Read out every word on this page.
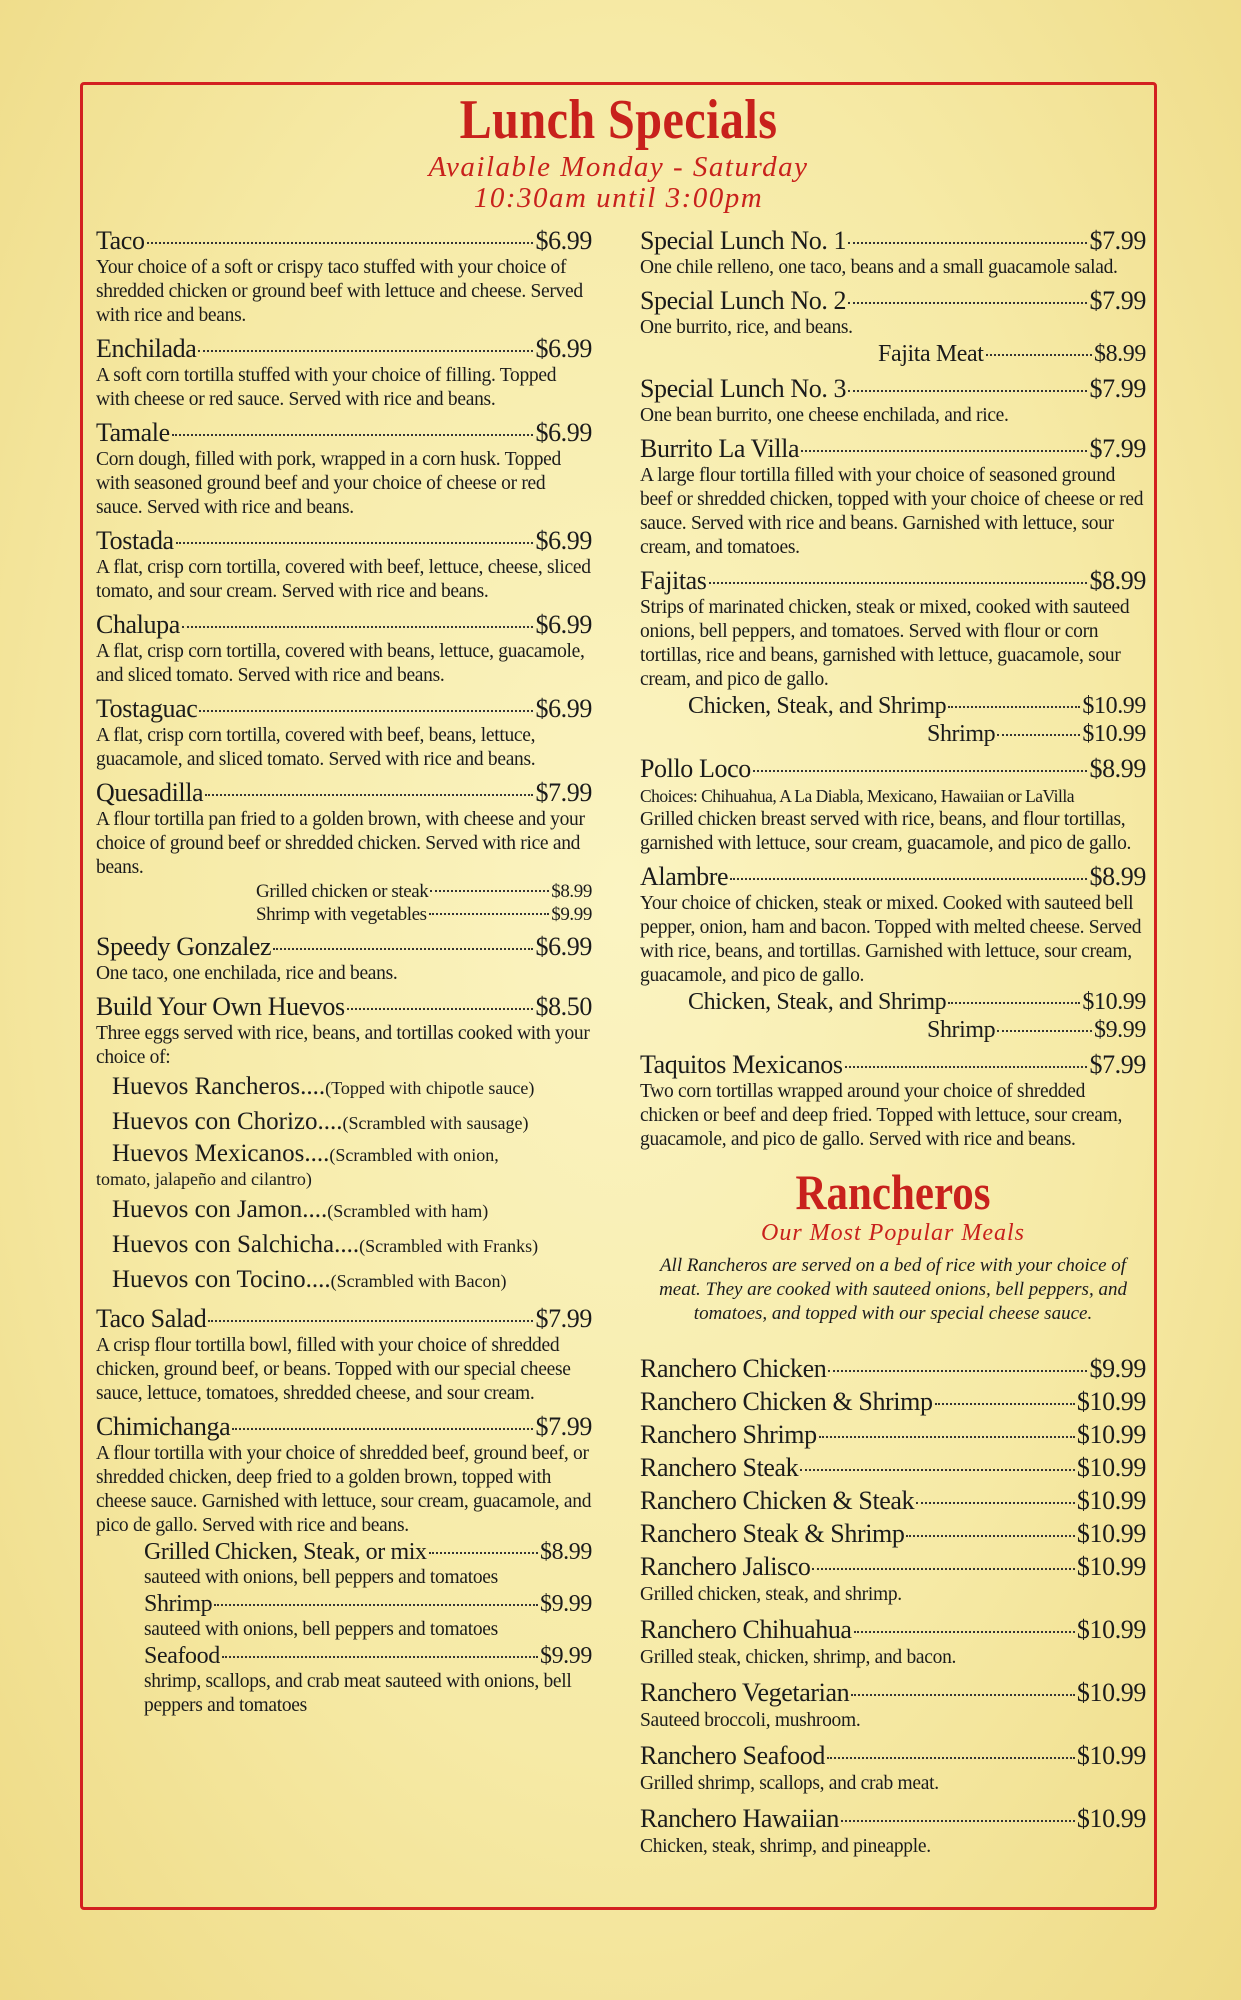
Lunch Specials
Available Monday - Saturday
10:30am until 3:00pm
Taco	$6.99
Your choice of a soft or crispy taco stuffed with your choice of shredded chicken or ground beef with lettuce and cheese. Served with rice and beans.
Enchilada	$6.99
A soft corn tortilla stuffed with your choice of filling. Topped with cheese or red sauce. Served with rice and beans.
Tamale	$6.99
Corn dough, filled with pork, wrapped in a corn husk. Topped with seasoned ground beef and your choice of cheese or red sauce. Served with rice and beans.
Tostada	$6.99
A flat, crisp corn tortilla, covered with beef, lettuce, cheese, sliced tomato, and sour cream. Served with rice and beans.
Chalupa	$6.99
A flat, crisp corn tortilla, covered with beans, lettuce, guacamole, and sliced tomato. Served with rice and beans.
Tostaguac	$6.99
A flat, crisp corn tortilla, covered with beef, beans, lettuce, guacamole, and sliced tomato. Served with rice and beans.
Quesadilla	$7.99
A flour tortilla pan fried to a golden brown, with cheese and your choice of ground beef or shredded chicken. Served with rice and beans.
Grilled chicken or steak	$8.99
Shrimp with vegetables	$9.99
Speedy Gonzalez	$6.99
One taco, one enchilada, rice and beans.
Build Your Own Huevos	$8.50
Three eggs served with rice, beans, and tortillas cooked with your choice of:
Huevos Rancheros....(Topped with chipotle sauce)
Huevos con Chorizo....(Scrambled with sausage)
Huevos Mexicanos....(Scrambled with onion,
tomato, jalapeño and cilantro)
Huevos con Jamon....(Scrambled with ham)
Huevos con Salchicha....(Scrambled with Franks)
Huevos con Tocino....(Scrambled with Bacon)
Taco Salad	$7.99
A crisp flour tortilla bowl, filled with your choice of shredded chicken, ground beef, or beans. Topped with our special cheese sauce, lettuce, tomatoes, shredded cheese, and sour cream.
Chimichanga	$7.99
A flour tortilla with your choice of shredded beef, ground beef, or shredded chicken, deep fried to a golden brown, topped with cheese sauce. Garnished with lettuce, sour cream, guacamole, and pico de gallo. Served with rice and beans.
Grilled Chicken, Steak, or mix	$8.99
sauteed with onions, bell peppers and tomatoes
Shrimp	$9.99
sauteed with onions, bell peppers and tomatoes
Seafood	$9.99
shrimp, scallops, and crab meat sauteed with onions, bell peppers and tomatoes
Special Lunch No. 1	$7.99
One chile relleno, one taco, beans and a small guacamole salad.
Special Lunch No. 2	$7.99
One burrito, rice, and beans.
Fajita Meat	$8.99
Special Lunch No. 3	$7.99
One bean burrito, one cheese enchilada, and rice.
Burrito La Villa	$7.99
A large flour tortilla filled with your choice of seasoned ground beef or shredded chicken, topped with your choice of cheese or red sauce. Served with rice and beans. Garnished with lettuce, sour cream, and tomatoes.
Fajitas	$8.99
Strips of marinated chicken, steak or mixed, cooked with sauteed onions, bell peppers, and tomatoes. Served with flour or corn tortillas, rice and beans, garnished with lettuce, guacamole, sour cream, and pico de gallo.
Chicken, Steak, and Shrimp	$10.99
Shrimp	$10.99
Pollo Loco	$8.99
Choices: Chihuahua, A La Diabla, Mexicano, Hawaiian or LaVilla
Grilled chicken breast served with rice, beans, and flour tortillas, garnished with lettuce, sour cream, guacamole, and pico de gallo.
Alambre	$8.99
Your choice of chicken, steak or mixed. Cooked with sauteed bell pepper, onion, ham and bacon. Topped with melted cheese. Served with rice, beans, and tortillas. Garnished with lettuce, sour cream, guacamole, and pico de gallo.
Chicken, Steak, and Shrimp	$10.99
Shrimp	$9.99
Taquitos Mexicanos	$7.99
Two corn tortillas wrapped around your choice of shredded chicken or beef and deep fried. Topped with lettuce, sour cream, guacamole, and pico de gallo. Served with rice and beans.
Rancheros
Our Most Popular Meals
All Rancheros are served on a bed of rice with your choice of meat. They are cooked with sauteed onions, bell peppers, and tomatoes, and topped with our special cheese sauce.
Ranchero Chicken	$9.99
Ranchero Chicken & Shrimp	$10.99
Ranchero Shrimp	$10.99
Ranchero Steak	$10.99
Ranchero Chicken & Steak	$10.99
Ranchero Steak & Shrimp	$10.99
Ranchero Jalisco	$10.99
Grilled chicken, steak, and shrimp.
Ranchero Chihuahua	$10.99
Grilled steak, chicken, shrimp, and bacon.
Ranchero Vegetarian	$10.99
Sauteed broccoli, mushroom.
Ranchero Seafood	$10.99
Grilled shrimp, scallops, and crab meat.
Ranchero Hawaiian	$10.99
Chicken, steak, shrimp, and pineapple.
